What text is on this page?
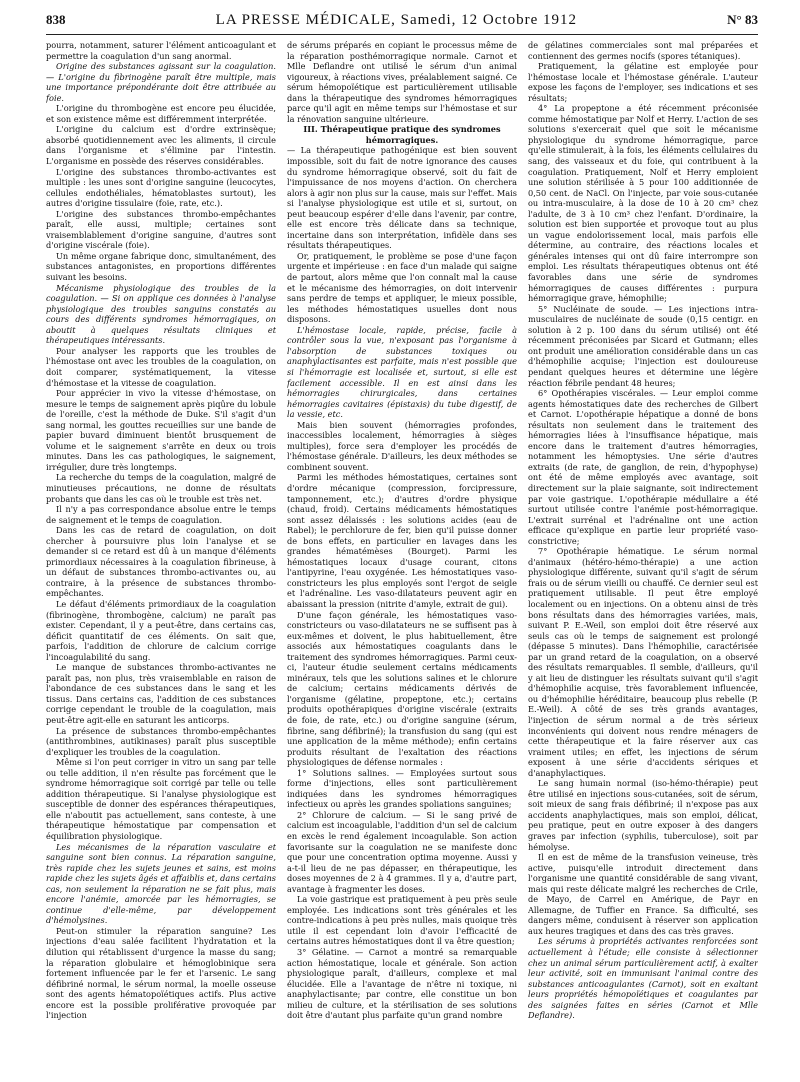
838	LA PRESSE MÉDICALE, Samedi, 12 Octobre 1912	N° 83

pourra, notamment, saturer l'élément anticoagulant et permettre la coagulation d'un sang anormal.

Origine des substances agissant sur la coagulation. — L'origine du fibrinogène paraît être multiple, mais une importance prépondérante doit être attribuée au foie.

L'origine du thrombogène est encore peu élucidée, et son existence même est différemment interprétée.

L'origine du calcium est d'ordre extrinsèque; absorbé quotidiennement avec les aliments, il circule dans l'organisme et s'élimine par l'intestin. L'organisme en possède des réserves considérables.

L'origine des substances thrombo-activantes est multiple : les unes sont d'origine sanguine (leucocytes, cellules endothéliales, hématoblastes surtout), les autres d'origine tissulaire (foie, rate, etc.).

L'origine des substances thrombo-empêchantes paraît, elle aussi, multiple; certaines sont vraisemblablement d'origine sanguine, d'autres sont d'origine viscérale (foie).

Un même organe fabrique donc, simultanément, des substances antagonistes, en proportions différentes suivant les besoins.

Mécanisme physiologique des troubles de la coagulation. — Si on applique ces données à l'analyse physiologique des troubles sanguins constatés au cours des différents syndromes hémorragiques, on aboutit à quelques résultats cliniques et thérapeutiques intéressants.

Pour analyser les rapports que les troubles de l'hémostase ont avec les troubles de la coagulation, on doit comparer, systématiquement, la vitesse d'hémostase et la vitesse de coagulation.

Pour apprécier in vivo la vitesse d'hémostase, on mesure le temps de saignement après piqûre du lobule de l'oreille, c'est la méthode de Duke. S'il s'agit d'un sang normal, les gouttes recueillies sur une bande de papier buvard diminuent bientôt brusquement de volume et le saignement s'arrête en deux ou trois minutes. Dans les cas pathologiques, le saignement, irrégulier, dure très longtemps.

La recherche du temps de la coagulation, malgré de minutieuses précautions, ne donne de résultats probants que dans les cas où le trouble est très net.

Il n'y a pas correspondance absolue entre le temps de saignement et le temps de coagulation.

Dans les cas de retard de coagulation, on doit chercher à poursuivre plus loin l'analyse et se demander si ce retard est dû à un manque d'éléments primordiaux nécessaires à la coagulation fibrineuse, à un défaut de substances thrombo-activantes ou, au contraire, à la présence de substances thrombo-empêchantes.

Le défaut d'éléments primordiaux de la coagulation (fibrinogène, thrombogène, calcium) ne paraît pas exister. Cependant, il y a peut-être, dans certains cas, déficit quantitatif de ces éléments. On sait que, parfois, l'addition de chlorure de calcium corrige l'incoagulabilité du sang.

Le manque de substances thrombo-activantes ne paraît pas, non plus, très vraisemblable en raison de l'abondance de ces substances dans le sang et les tissus. Dans certains cas, l'addition de ces substances corrige cependant le trouble de la coagulation, mais peut-être agit-elle en saturant les anticorps.

La présence de substances thrombo-empêchantes (antithrombines, autikinases) paraît plus susceptible d'expliquer les troubles de la coagulation.

Même si l'on peut corriger in vitro un sang par telle ou telle addition, il n'en résulte pas forcément que le syndrome hémorragique soit corrigé par telle ou telle addition thérapeutique. Si l'analyse physiologique est susceptible de donner des espérances thérapeutiques, elle n'aboutit pas actuellement, sans conteste, à une thérapeutique hémostatique par compensation et équilibration physiologique.

Les mécanismes de la réparation vasculaire et sanguine sont bien connus. La réparation sanguine, très rapide chez les sujets jeunes et sains, est moins rapide chez les sujets âgés et affaiblis et, dans certains cas, non seulement la réparation ne se fait plus, mais encore l'anémie, amorcée par les hémorragies, se continue d'elle-même, par développement d'hémolysines.

Peut-on stimuler la réparation sanguine? Les injections d'eau salée facilitent l'hydratation et la dilution qui rétablissent d'urgence la masse du sang; la réparation globulaire et hémoglobinique sera fortement influencée par le fer et l'arsenic. Le sang défibriné normal, le sérum normal, la moelle osseuse sont des agents hématopoïétiques actifs. Plus active encore est la possible proliférative provoquée par l'injection

de sérums préparés en copiant le processus même de la réparation posthémorragique normale. Carnot et Mlle Deflandre ont utilisé le sérum d'un animal vigoureux, à réactions vives, préalablement saigné. Ce sérum hémopoïétique est particulièrement utilisable dans la thérapeutique des syndromes hémorragiques parce qu'il agit en même temps sur l'hémostase et sur la rénovation sanguine ultérieure.

III. Thérapeutique pratique des syndromes hémorragiques.

— La thérapeutique pathogénique est bien souvent impossible, soit du fait de notre ignorance des causes du syndrome hémorragique observé, soit du fait de l'impuissance de nos moyens d'action. On cherchera alors à agir non plus sur la cause, mais sur l'effet. Mais si l'analyse physiologique est utile et si, surtout, on peut beaucoup espérer d'elle dans l'avenir, par contre, elle est encore très délicate dans sa technique, incertaine dans son interprétation, infidèle dans ses résultats thérapeutiques.

Or, pratiquement, le problème se pose d'une façon urgente et impérieuse : en face d'un malade qui saigne de partout, alors même que l'on connaît mal la cause et le mécanisme des hémorragies, on doit intervenir sans perdre de temps et appliquer, le mieux possible, les méthodes hémostatiques usuelles dont nous disposons.

L'hémostase locale, rapide, précise, facile à contrôler sous la vue, n'exposant pas l'organisme à l'absorption de substances toxiques ou anaphylactisantes est parfaite, mais n'est possible que si l'hémorragie est localisée et, surtout, si elle est facilement accessible. Il en est ainsi dans les hémorragies chirurgicales, dans certaines hémorragies cavitaires (épistaxis) du tube digestif, de la vessie, etc.

Mais bien souvent (hémorragies profondes, inaccessibles localement, hémorragies à sièges multiples), force sera d'employer les procédés de l'hémostase générale. D'ailleurs, les deux méthodes se combinent souvent.

Parmi les méthodes hémostatiques, certaines sont d'ordre mécanique (compression, forcipressure, tamponnement, etc.); d'autres d'ordre physique (chaud, froid). Certains médicaments hémostatiques sont assez délaissés : les solutions acides (eau de Rabel); le perchlorure de fer, bien qu'il puisse donner de bons effets, en particulier en lavages dans les grandes hématémèses (Bourget). Parmi les hémostatiques locaux d'usage courant, citons l'antipyrine, l'eau oxygénée. Les hémostatiques vaso-constricteurs les plus employés sont l'ergot de seigle et l'adrénaline. Les vaso-dilatateurs peuvent agir en abaissant la pression (nitrite d'amyle, extrait de gui).

D'une façon générale, les hémostatiques vaso-constricteurs ou vaso-dilatateurs ne se suffisent pas à eux-mêmes et doivent, le plus habituellement, être associés aux hémostatiques coagulants dans le traitement des syndromes hémorragiques. Parmi ceux-ci, l'auteur étudie seulement certains médicaments minéraux, tels que les solutions salines et le chlorure de calcium; certains médicaments dérivés de l'organisme (gélatine, propeptone, etc.); certains produits opothérapiques d'origine viscérale (extraits de foie, de rate, etc.) ou d'origine sanguine (sérum, fibrine, sang défibriné); la transfusion du sang (qui est une application de la même méthode); enfin certains produits résultant de l'exaltation des réactions physiologiques de défense normales :

1° Solutions salines. — Employées surtout sous forme d'injections, elles sont particulièrement indiquées dans les syndromes hémorragiques infectieux ou après les grandes spoliations sanguines;

2° Chlorure de calcium. — Si le sang privé de calcium est incoagulable, l'addition d'un sel de calcium en excès le rend également incoagulable. Son action favorisante sur la coagulation ne se manifeste donc que pour une concentration optima moyenne. Aussi y a-t-il lieu de ne pas dépasser, en thérapeutique, les doses moyennes de 2 à 4 grammes. Il y a, d'autre part, avantage à fragmenter les doses.

La voie gastrique est pratiquement à peu près seule employée. Les indications sont très générales et les contre-indications à peu près nulles, mais quoique très utile il est cependant loin d'avoir l'efficacité de certains autres hémostatiques dont il va être question;

3° Gélatine. — Carnot a montré sa remarquable action hémostatique, locale et générale. Son action physiologique paraît, d'ailleurs, complexe et mal élucidée. Elle a l'avantage de n'être ni toxique, ni anaphylactisante; par contre, elle constitue un bon milieu de culture, et la stérilisation de ses solutions doit être d'autant plus parfaite qu'un grand nombre

de gélatines commerciales sont mal préparées et contiennent des germes nocifs (spores tétaniques).

Pratiquement, la gélatine est employée pour l'hémostase locale et l'hémostase générale. L'auteur expose les façons de l'employer, ses indications et ses résultats;

4° La propeptone a été récemment préconisée comme hémostatique par Nolf et Herry. L'action de ses solutions s'exercerait quel que soit le mécanisme physiologique du syndrome hémorragique, parce qu'elle stimulerait, à la fois, les éléments cellulaires du sang, des vaisseaux et du foie, qui contribuent à la coagulation. Pratiquement, Nolf et Herry emploient une solution stérilisée à 5 pour 100 additionnée de 0,50 cent. de NaCl. On l'injecte, par voie sous-cutanée ou intra-musculaire, à la dose de 10 à 20 cm³ chez l'adulte, de 3 à 10 cm³ chez l'enfant. D'ordinaire, la solution est bien supportée et provoque tout au plus un vague endolorissement local, mais parfois elle détermine, au contraire, des réactions locales et générales intenses qui ont dû faire interrompre son emploi. Les résultats thérapeutiques obtenus ont été favorables dans une série de syndromes hémorragiques de causes différentes : purpura hémorragique grave, hémophilie;

5° Nucléinate de soude. — Les injections intra-musculaires de nucléinate de soude (0,15 centigr. en solution à 2 p. 100 dans du sérum utilisé) ont été récemment préconisées par Sicard et Gutmann; elles ont produit une amélioration considérable dans un cas d'hémophilie acquise; l'injection est douloureuse pendant quelques heures et détermine une légère réaction fébrile pendant 48 heures;

6° Opothérapies viscérales. — Leur emploi comme agents hémostatiques date des recherches de Gilbert et Carnot. L'opothérapie hépatique a donné de bons résultats non seulement dans le traitement des hémorragies liées à l'insuffisance hépatique, mais encore dans le traitement d'autres hémorragies, notamment les hémoptysies. Une série d'autres extraits (de rate, de ganglion, de rein, d'hypophyse) ont été de même employés avec avantage, soit directement sur la plaie saignante, soit indirectement par voie gastrique. L'opothérapie médullaire a été surtout utilisée contre l'anémie post-hémorragique. L'extrait surrénal et l'adrénaline ont une action efficace qu'explique en partie leur propriété vaso-constrictive;

7° Opothérapie hématique. Le sérum normal d'animaux (hétéro-hémo-thérapie) a une action physiologique différente, suivant qu'il s'agit de sérum frais ou de sérum vieilli ou chauffé. Ce dernier seul est pratiquement utilisable. Il peut être employé localement ou en injections. On a obtenu ainsi de très bons résultats dans des hémorragies variées, mais, suivant P. E.-Weil, son emploi doit être réservé aux seuls cas où le temps de saignement est prolongé (dépasse 5 minutes). Dans l'hémophilie, caractérisée par un grand retard de la coagulation, on a observé des résultats remarquables. Il semble, d'ailleurs, qu'il y ait lieu de distinguer les résultats suivant qu'il s'agit d'hémophilie acquise, très favorablement influencée, ou d'hémophilie héréditaire, beaucoup plus rebelle (P. E.-Weil). A côté de ses très grands avantages, l'injection de sérum normal a de très sérieux inconvénients qui doivent nous rendre ménagers de cette thérapeutique et la faire réserver aux cas vraiment utiles; en effet, les injections de sérum exposent à une série d'accidents sériques et d'anaphylactiques.

Le sang humain normal (iso-hémo-thérapie) peut être utilisé en injections sous-cutanées, soit de sérum, soit mieux de sang frais défibriné; il n'expose pas aux accidents anaphylactiques, mais son emploi, délicat, peu pratique, peut en outre exposer à des dangers graves par infection (syphilis, tuberculose), soit par hémolyse.

Il en est de même de la transfusion veineuse, très active, puisqu'elle introduit directement dans l'organisme une quantité considérable de sang vivant, mais qui reste délicate malgré les recherches de Crile, de Mayo, de Carrel en Amérique, de Payr en Allemagne, de Tuffier en France. Sa difficulté, ses dangers même, conduisent à réserver son application aux heures tragiques et dans des cas très graves.

Les sérums à propriétés activantes renforcées sont actuellement à l'étude; elle consiste à sélectionner chez un animal sérum particulièrement actif, à exalter leur activité, soit en immunisant l'animal contre des substances anticoagulantes (Carnot), soit en exaltant leurs propriétés hémopoïétiques et coagulantes par des saignées faites en séries (Carnot et Mlle Deflandre).
